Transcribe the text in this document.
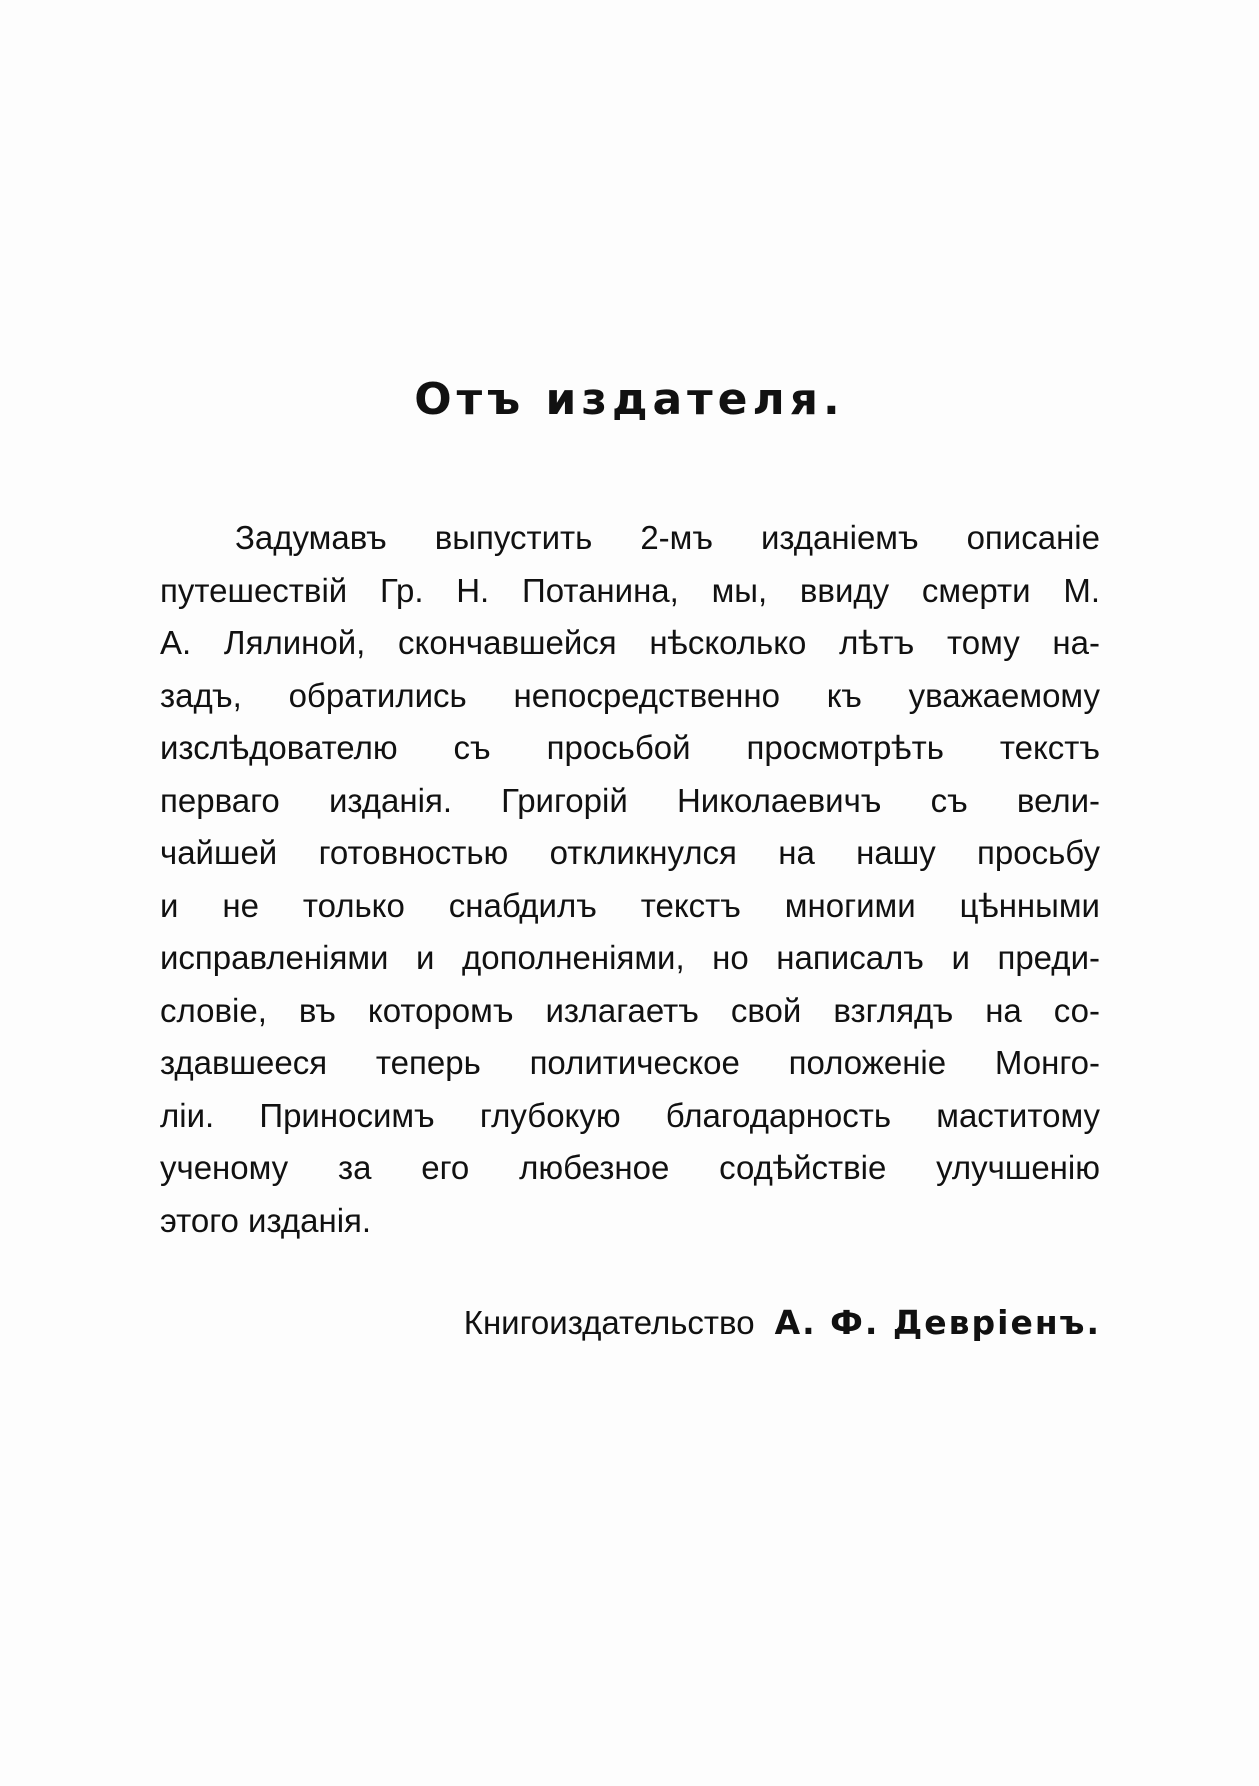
Отъ издателя.
Задумавъ выпустить 2-мъ изданіемъ описаніе
путешествій Гр. Н. Потанина, мы, ввиду смерти М.
А. Лялиной, скончавшейся нѣсколько лѣтъ тому на-
задъ, обратились непосредственно къ уважаемому
изслѣдователю съ просьбой просмотрѣть текстъ
перваго изданія. Григорій Николаевичъ съ вели-
чайшей готовностью откликнулся на нашу просьбу
и не только снабдилъ текстъ многими цѣнными
исправленіями и дополненіями, но написалъ и преди-
словіе, въ которомъ излагаетъ свой взглядъ на со-
здавшееся теперь политическое положеніе Монго-
ліи. Приносимъ глубокую благодарность маститому
ученому за его любезное содѣйствіе улучшенію
этого изданія.
Книгоиздательство А. Ф. Девріенъ.
